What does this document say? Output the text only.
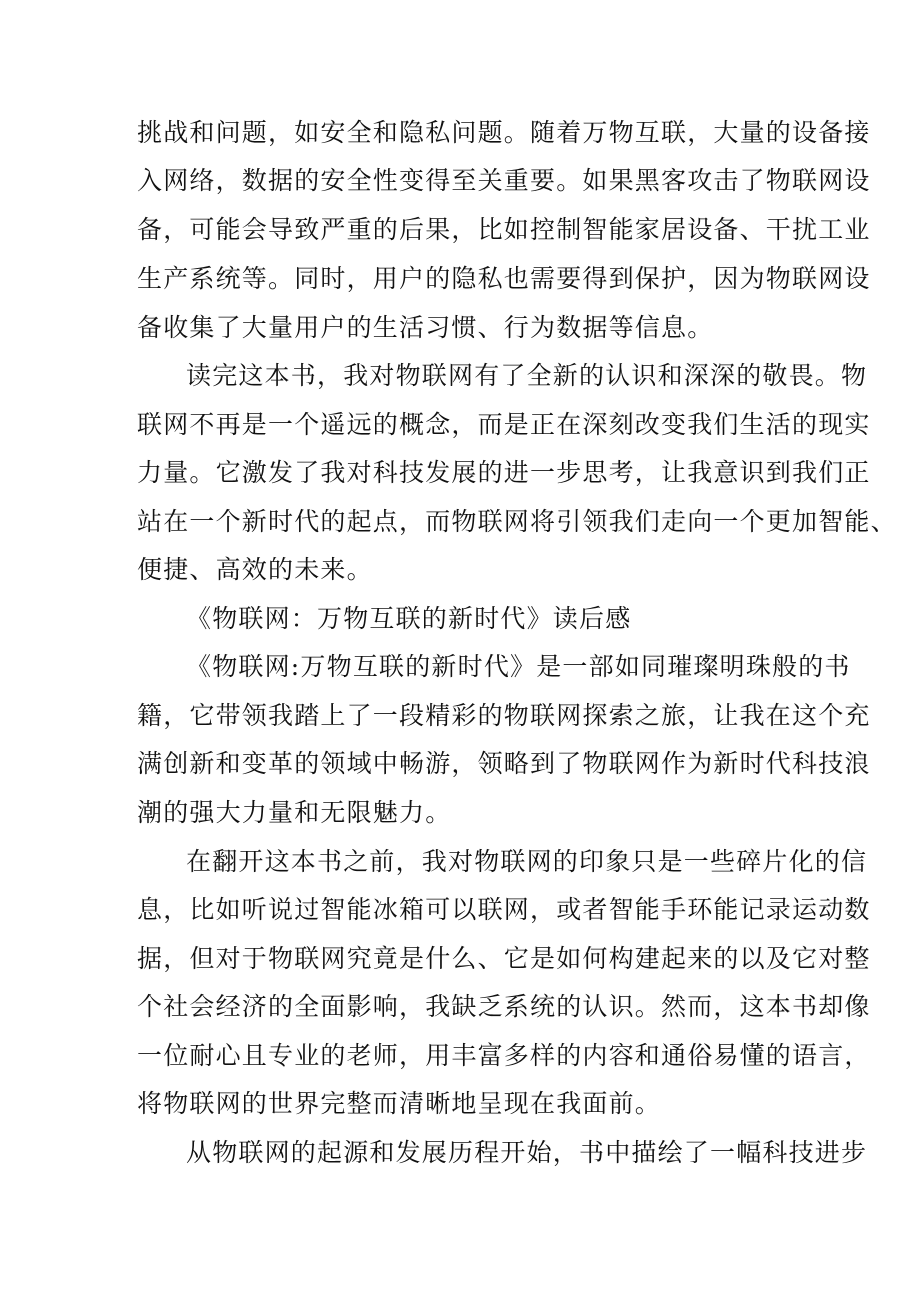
挑战和问题，如安全和隐私问题。随着万物互联，大量的设备接
入网络，数据的安全性变得至关重要。如果黑客攻击了物联网设
备，可能会导致严重的后果，比如控制智能家居设备、干扰工业
生产系统等。同时，用户的隐私也需要得到保护，因为物联网设
备收集了大量用户的生活习惯、行为数据等信息。
读完这本书，我对物联网有了全新的认识和深深的敬畏。物
联网不再是一个遥远的概念，而是正在深刻改变我们生活的现实
力量。它激发了我对科技发展的进一步思考，让我意识到我们正
站在一个新时代的起点，而物联网将引领我们走向一个更加智能、
便捷、高效的未来。
《物联网：万物互联的新时代》读后感
《物联网:万物互联的新时代》是一部如同璀璨明珠般的书
籍，它带领我踏上了一段精彩的物联网探索之旅，让我在这个充
满创新和变革的领域中畅游，领略到了物联网作为新时代科技浪
潮的强大力量和无限魅力。
在翻开这本书之前，我对物联网的印象只是一些碎片化的信
息，比如听说过智能冰箱可以联网，或者智能手环能记录运动数
据，但对于物联网究竟是什么、它是如何构建起来的以及它对整
个社会经济的全面影响，我缺乏系统的认识。然而，这本书却像
一位耐心且专业的老师，用丰富多样的内容和通俗易懂的语言，
将物联网的世界完整而清晰地呈现在我面前。
从物联网的起源和发展历程开始，书中描绘了一幅科技进步
